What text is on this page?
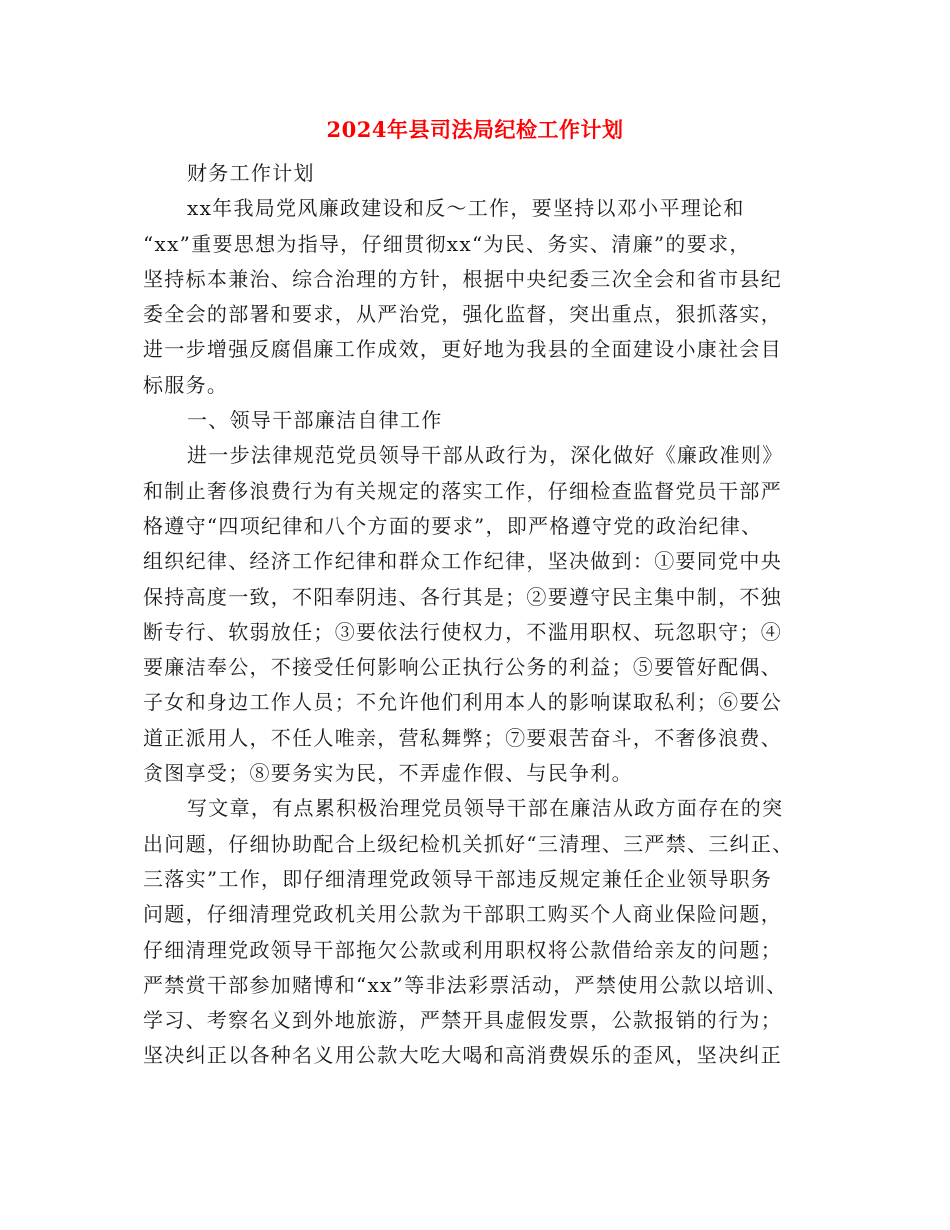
2024年县司法局纪检工作计划
财务工作计划
xx年我局党风廉政建设和反～工作，要坚持以邓小平理论和
“xx”重要思想为指导，仔细贯彻xx“为民、务实、清廉”的要求，
坚持标本兼治、综合治理的方针，根据中央纪委三次全会和省市县纪
委全会的部署和要求，从严治党，强化监督，突出重点，狠抓落实，
进一步增强反腐倡廉工作成效，更好地为我县的全面建设小康社会目
标服务。
一、领导干部廉洁自律工作
进一步法律规范党员领导干部从政行为，深化做好《廉政准则》
和制止奢侈浪费行为有关规定的落实工作，仔细检查监督党员干部严
格遵守“四项纪律和八个方面的要求”，即严格遵守党的政治纪律、
组织纪律、经济工作纪律和群众工作纪律，坚决做到：①要同党中央
保持高度一致，不阳奉阴违、各行其是；②要遵守民主集中制，不独
断专行、软弱放任；③要依法行使权力，不滥用职权、玩忽职守；④
要廉洁奉公，不接受任何影响公正执行公务的利益；⑤要管好配偶、
子女和身边工作人员；不允许他们利用本人的影响谋取私利；⑥要公
道正派用人，不任人唯亲，营私舞弊；⑦要艰苦奋斗，不奢侈浪费、
贪图享受；⑧要务实为民，不弄虚作假、与民争利。
写文章，有点累积极治理党员领导干部在廉洁从政方面存在的突
出问题，仔细协助配合上级纪检机关抓好“三清理、三严禁、三纠正、
三落实”工作，即仔细清理党政领导干部违反规定兼任企业领导职务
问题，仔细清理党政机关用公款为干部职工购买个人商业保险问题，
仔细清理党政领导干部拖欠公款或利用职权将公款借给亲友的问题；
严禁赏干部参加赌博和“xx”等非法彩票活动，严禁使用公款以培训、
学习、考察名义到外地旅游，严禁开具虚假发票，公款报销的行为；
坚决纠正以各种名义用公款大吃大喝和高消费娱乐的歪风，坚决纠正
